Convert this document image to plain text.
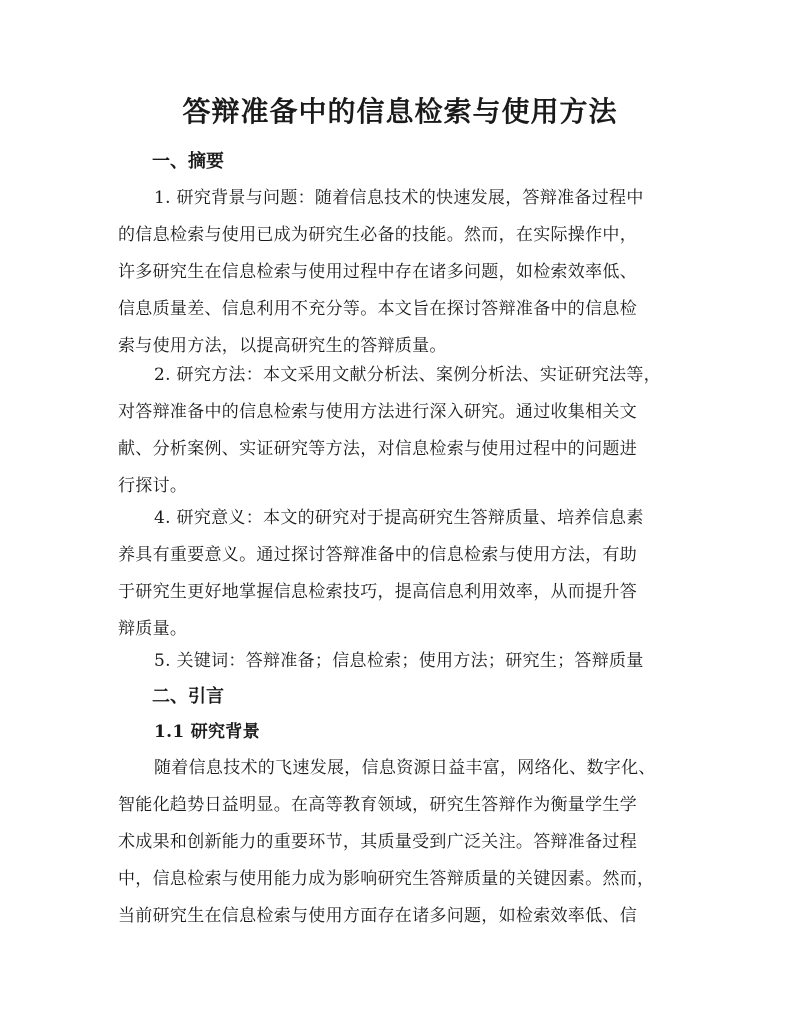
答辩准备中的信息检索与使用方法
一、摘要

1. 研究背景与问题：随着信息技术的快速发展，答辩准备过程中
的信息检索与使用已成为研究生必备的技能。然而，在实际操作中，
许多研究生在信息检索与使用过程中存在诸多问题，如检索效率低、
信息质量差、信息利用不充分等。本文旨在探讨答辩准备中的信息检
索与使用方法，以提高研究生的答辩质量。

2. 研究方法：本文采用文献分析法、案例分析法、实证研究法等，
对答辩准备中的信息检索与使用方法进行深入研究。通过收集相关文
献、分析案例、实证研究等方法，对信息检索与使用过程中的问题进
行探讨。

4. 研究意义：本文的研究对于提高研究生答辩质量、培养信息素
养具有重要意义。通过探讨答辩准备中的信息检索与使用方法，有助
于研究生更好地掌握信息检索技巧，提高信息利用效率，从而提升答
辩质量。

5. 关键词：答辩准备；信息检索；使用方法；研究生；答辩质量

二、引言
1.1 研究背景

随着信息技术的飞速发展，信息资源日益丰富，网络化、数字化、
智能化趋势日益明显。在高等教育领域，研究生答辩作为衡量学生学
术成果和创新能力的重要环节，其质量受到广泛关注。答辩准备过程
中，信息检索与使用能力成为影响研究生答辩质量的关键因素。然而，
当前研究生在信息检索与使用方面存在诸多问题，如检索效率低、信
